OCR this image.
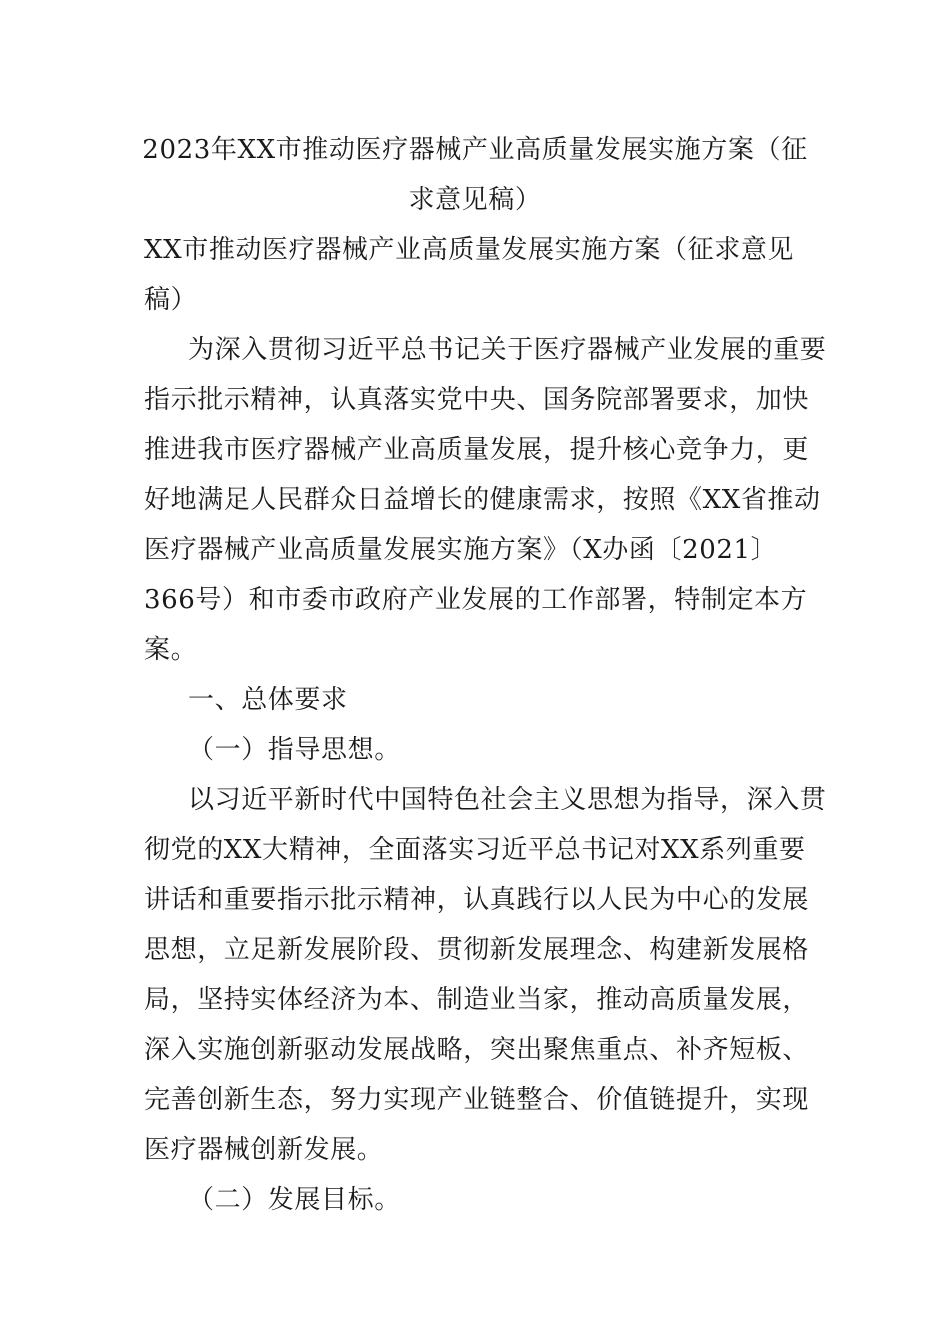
2023年XX市推动医疗器械产业高质量发展实施方案（征
求意见稿）
XX市推动医疗器械产业高质量发展实施方案（征求意见
稿）
为深入贯彻习近平总书记关于医疗器械产业发展的重要
指示批示精神，认真落实党中央、国务院部署要求，加快
推进我市医疗器械产业高质量发展，提升核心竞争力，更
好地满足人民群众日益增长的健康需求，按照《XX省推动
医疗器械产业高质量发展实施方案》（X办函〔2021〕
366号）和市委市政府产业发展的工作部署，特制定本方
案。
一、总体要求
（一）指导思想。
以习近平新时代中国特色社会主义思想为指导，深入贯
彻党的XX大精神，全面落实习近平总书记对XX系列重要
讲话和重要指示批示精神，认真践行以人民为中心的发展
思想，立足新发展阶段、贯彻新发展理念、构建新发展格
局，坚持实体经济为本、制造业当家，推动高质量发展，
深入实施创新驱动发展战略，突出聚焦重点、补齐短板、
完善创新生态，努力实现产业链整合、价值链提升，实现
医疗器械创新发展。
（二）发展目标。
